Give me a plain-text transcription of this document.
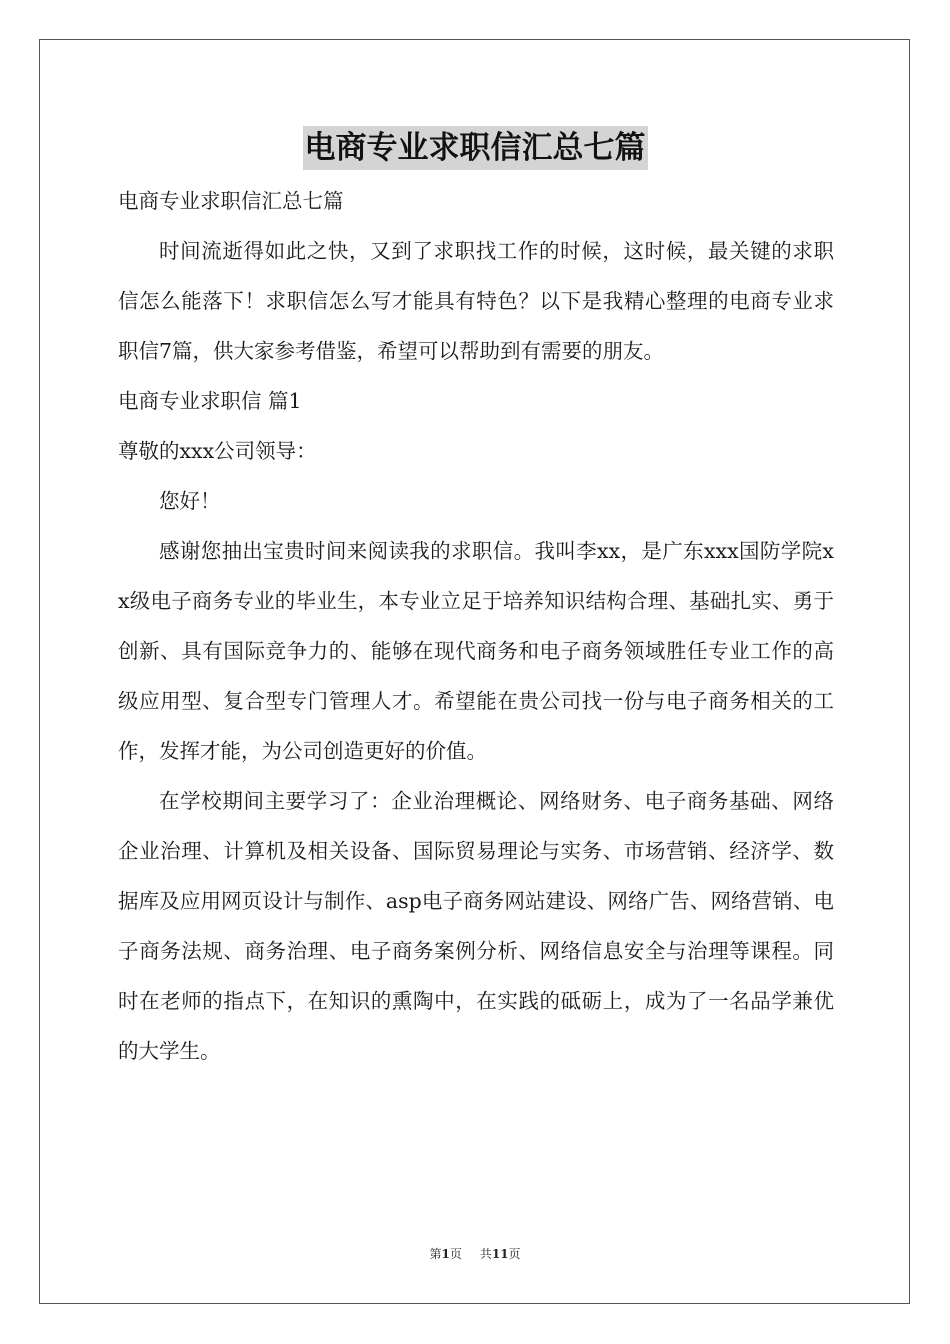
电商专业求职信汇总七篇

电商专业求职信汇总七篇

时间流逝得如此之快，又到了求职找工作的时候，这时候，最关键的求职信怎么能落下！求职信怎么写才能具有特色？以下是我精心整理的电商专业求职信7篇，供大家参考借鉴，希望可以帮助到有需要的朋友。

电商专业求职信 篇1

尊敬的xxx公司领导：

您好！

感谢您抽出宝贵时间来阅读我的求职信。我叫李xx，是广东xxx国防学院xx级电子商务专业的毕业生，本专业立足于培养知识结构合理、基础扎实、勇于创新、具有国际竞争力的、能够在现代商务和电子商务领域胜任专业工作的高级应用型、复合型专门管理人才。希望能在贵公司找一份与电子商务相关的工作，发挥才能，为公司创造更好的价值。

在学校期间主要学习了：企业治理概论、网络财务、电子商务基础、网络企业治理、计算机及相关设备、国际贸易理论与实务、市场营销、经济学、数据库及应用网页设计与制作、asp电子商务网站建设、网络广告、网络营销、电子商务法规、商务治理、电子商务案例分析、网络信息安全与治理等课程。同时在老师的指点下，在知识的熏陶中，在实践的砥砺上，成为了一名品学兼优的大学生。

第1页 共11页
